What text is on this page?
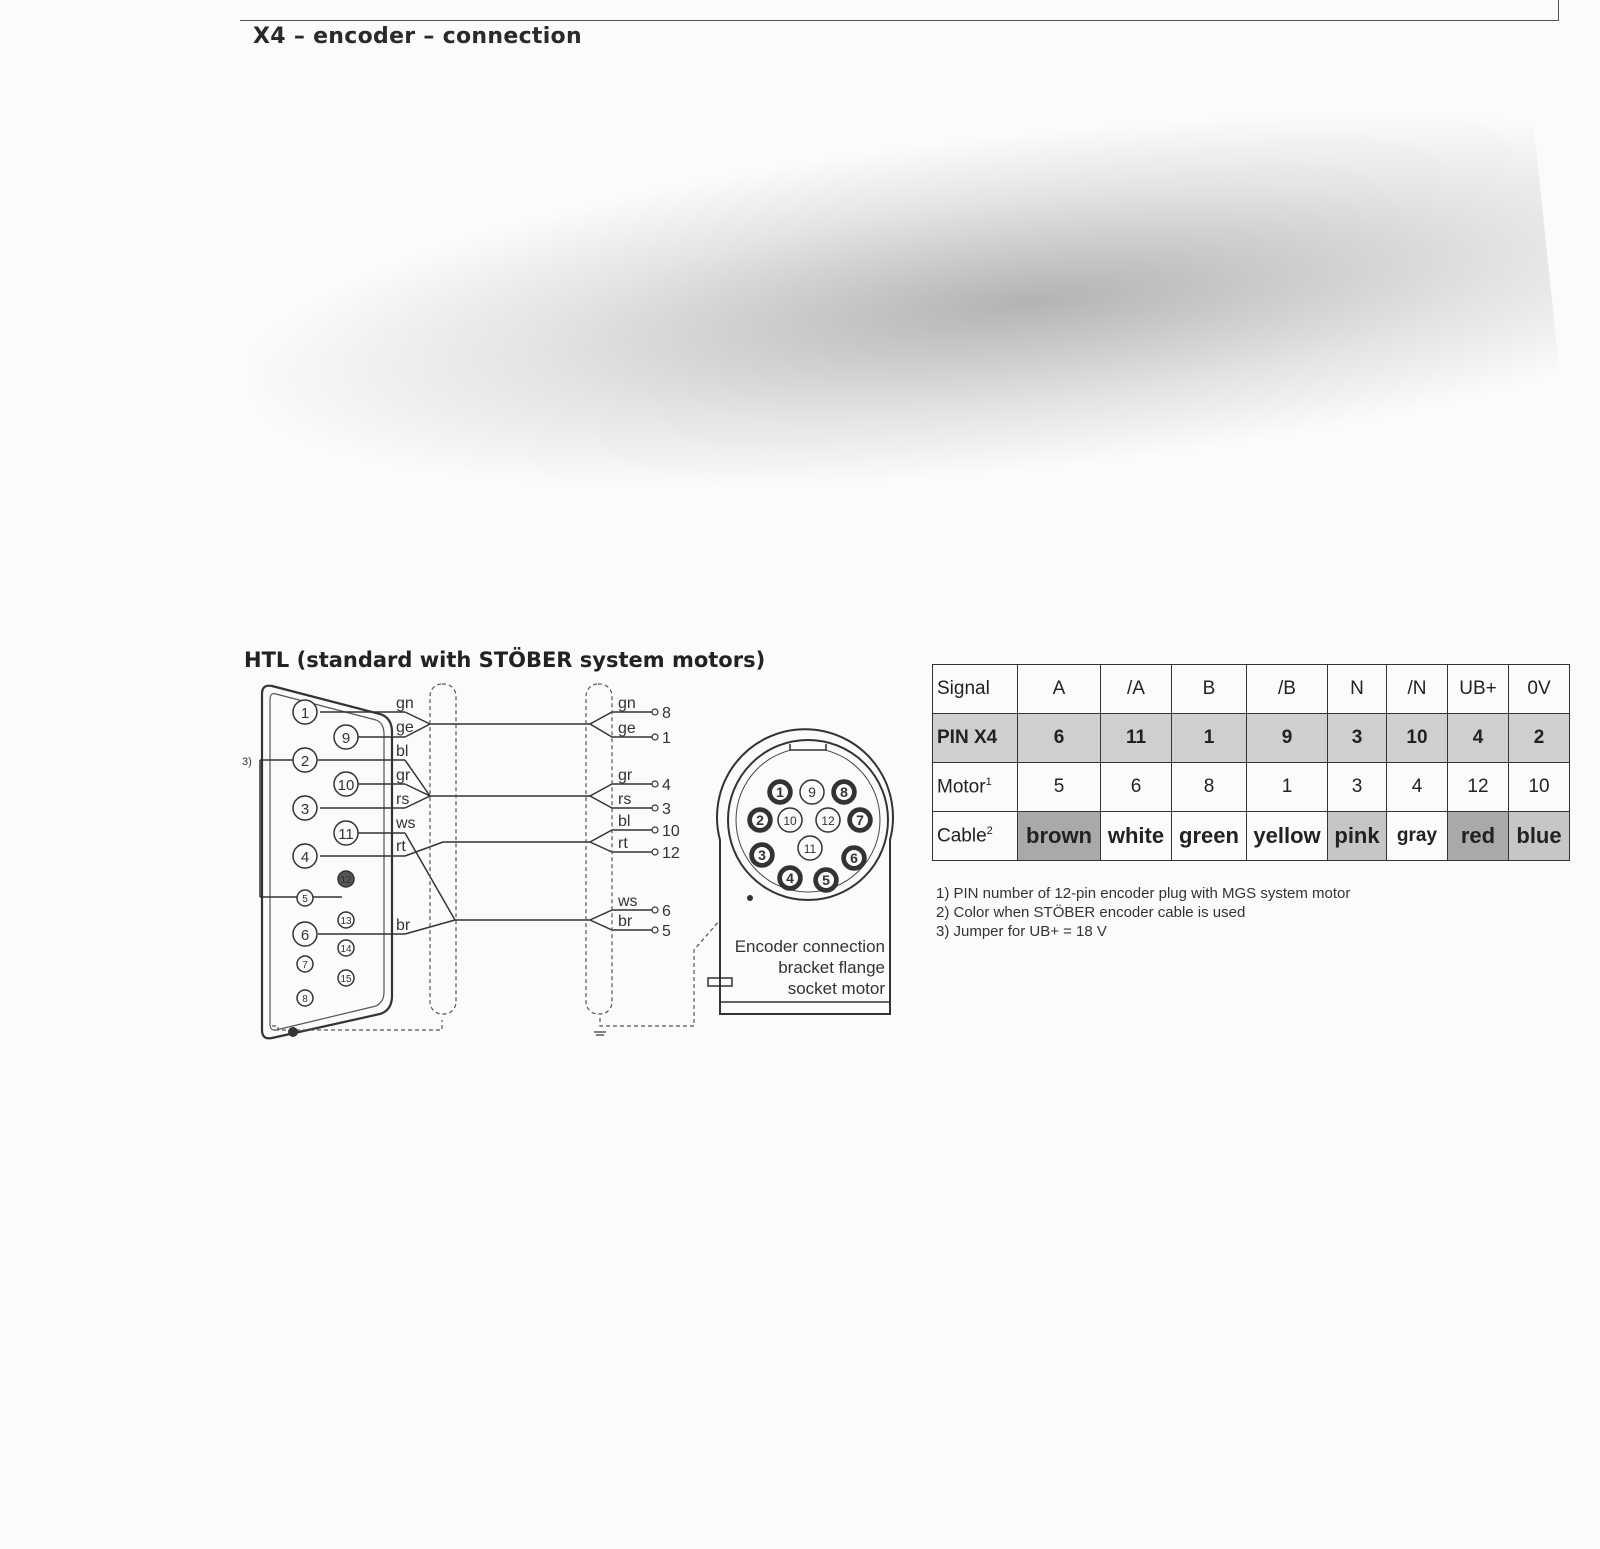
X4 – encoder – connection
HTL (standard with STÖBER system motors)
3)
1
2
3
4
5
6
7
8
9
10
11
12
13
14
15
gn
ge
bl
gr
rs
ws
rt
br
gn
ge
gr
rs
bl
rt
ws
br
8
1
4
3
10
12
6
5
1
2
3
4 5
6
7
8
9
10
11
12
Encoder connection
bracket flange
socket motor
Signal	A	/A	B	/B	N	/N	UB+	0V
PIN X4	6	11	1	9	3	10	4	2
Motor$^1$	5	6	8	1	3	4	12	10
Cable$^2$	brown	white	green	yellow	pink	gray	red	blue
1) PIN number of 12-pin encoder plug with MGS system motor
2) Color when STÖBER encoder cable is used
3) Jumper for UB+ = 18 V
